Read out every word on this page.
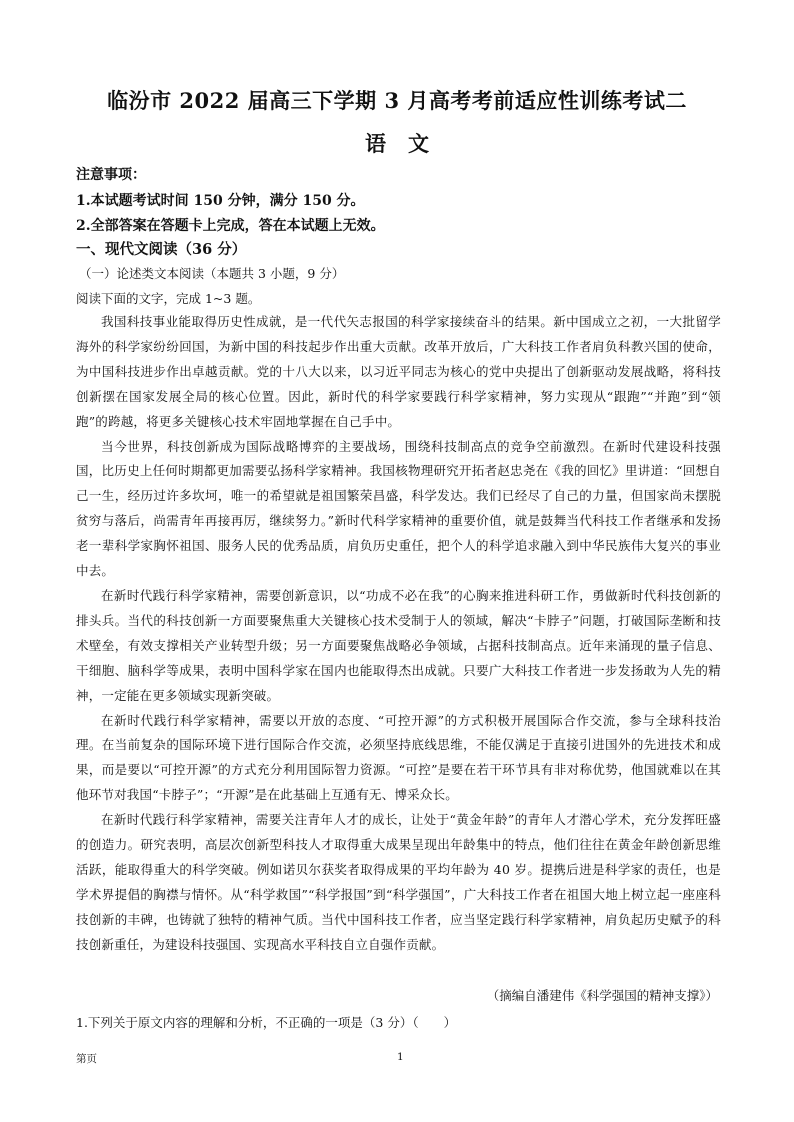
临汾市 2022 届高三下学期 3 月高考考前适应性训练考试二
语文
注意事项：
1.本试题考试时间 150 分钟，满分 150 分。
2.全部答案在答题卡上完成，答在本试题上无效。
一、现代文阅读（36 分）
（一）论述类文本阅读（本题共 3 小题，9 分）
阅读下面的文字，完成 1~3 题。

我国科技事业能取得历史性成就，是一代代矢志报国的科学家接续奋斗的结果。新中国成立之初，一大批留学海外的科学家纷纷回国，为新中国的科技起步作出重大贡献。改革开放后，广大科技工作者肩负科教兴国的使命，为中国科技进步作出卓越贡献。党的十八大以来，以习近平同志为核心的党中央提出了创新驱动发展战略，将科技创新摆在国家发展全局的核心位置。因此，新时代的科学家要践行科学家精神，努力实现从“跟跑”“并跑”到“领跑”的跨越，将更多关键核心技术牢固地掌握在自己手中。

当今世界，科技创新成为国际战略博弈的主要战场，围绕科技制高点的竞争空前激烈。在新时代建设科技强国，比历史上任何时期都更加需要弘扬科学家精神。我国核物理研究开拓者赵忠尧在《我的回忆》里讲道：“回想自己一生，经历过许多坎坷，唯一的希望就是祖国繁荣昌盛，科学发达。我们已经尽了自己的力量，但国家尚未摆脱贫穷与落后，尚需青年再接再厉，继续努力。”新时代科学家精神的重要价值，就是鼓舞当代科技工作者继承和发扬老一辈科学家胸怀祖国、服务人民的优秀品质，肩负历史重任，把个人的科学追求融入到中华民族伟大复兴的事业中去。

在新时代践行科学家精神，需要创新意识，以“功成不必在我”的心胸来推进科研工作，勇做新时代科技创新的排头兵。当代的科技创新一方面要聚焦重大关键核心技术受制于人的领域，解决“卡脖子”问题，打破国际垄断和技术壁垒，有效支撑相关产业转型升级；另一方面要聚焦战略必争领域，占据科技制高点。近年来涌现的量子信息、干细胞、脑科学等成果，表明中国科学家在国内也能取得杰出成就。只要广大科技工作者进一步发扬敢为人先的精神，一定能在更多领域实现新突破。

在新时代践行科学家精神，需要以开放的态度、“可控开源”的方式积极开展国际合作交流，参与全球科技治理。在当前复杂的国际环境下进行国际合作交流，必须坚持底线思维，不能仅满足于直接引进国外的先进技术和成果，而是要以“可控开源”的方式充分利用国际智力资源。“可控”是要在若干环节具有非对称优势，他国就难以在其他环节对我国“卡脖子”；“开源”是在此基础上互通有无、博采众长。

在新时代践行科学家精神，需要关注青年人才的成长，让处于“黄金年龄”的青年人才潜心学术，充分发挥旺盛的创造力。研究表明，高层次创新型科技人才取得重大成果呈现出年龄集中的特点，他们往往在黄金年龄创新思维活跃，能取得重大的科学突破。例如诺贝尔获奖者取得成果的平均年龄为 40 岁。提携后进是科学家的责任，也是学术界提倡的胸襟与情怀。从“科学救国”“科学报国”到“科学强国”，广大科技工作者在祖国大地上树立起一座座科技创新的丰碑，也铸就了独特的精神气质。当代中国科技工作者，应当坚定践行科学家精神，肩负起历史赋予的科技创新重任，为建设科技强国、实现高水平科技自立自强作贡献。

（摘编自潘建伟《科学强国的精神支撑》）
1.下列关于原文内容的理解和分析，不正确的一项是（3 分）（　　）
第页	1
